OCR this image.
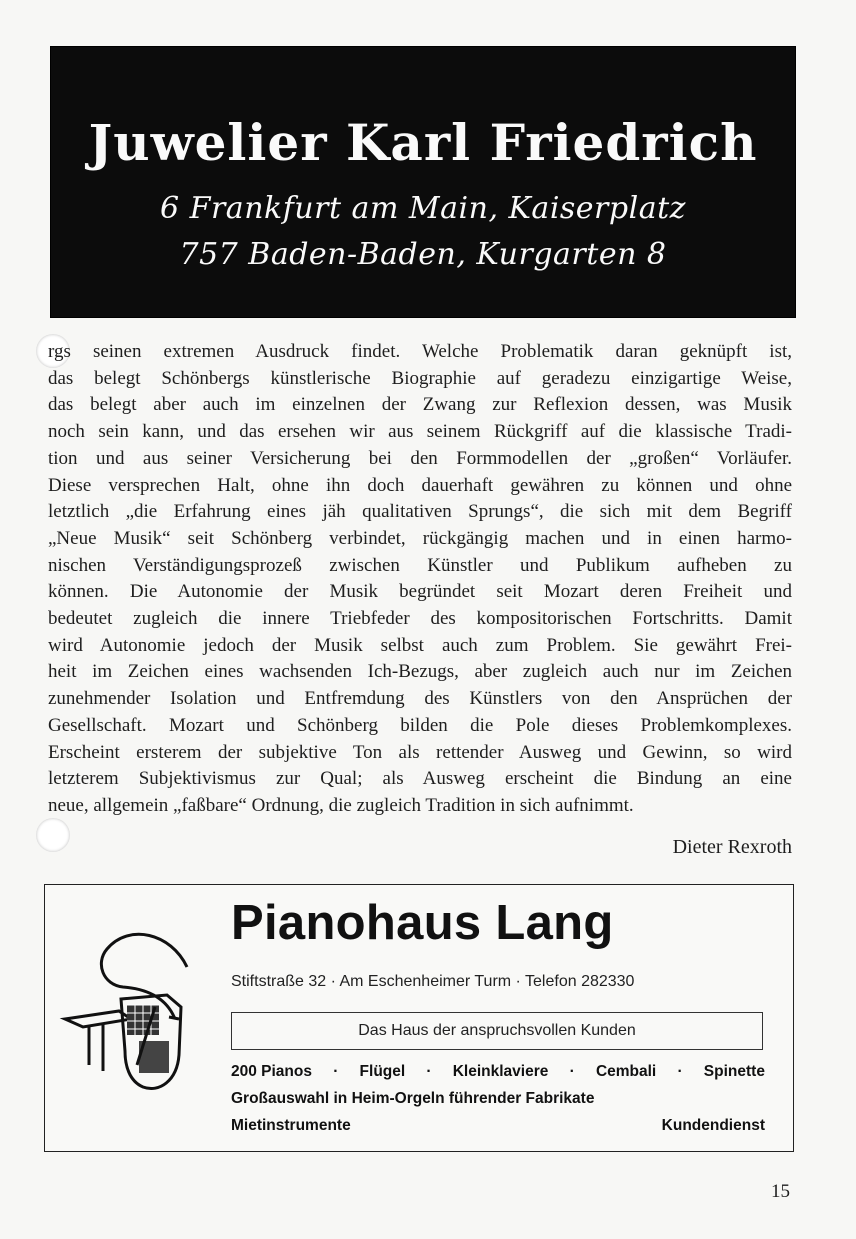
Juwelier Karl Friedrich
6 Frankfurt am Main, Kaiserplatz
757 Baden-Baden, Kurgarten 8
rgs seinen extremen Ausdruck findet. Welche Problematik daran geknüpft ist,
das belegt Schönbergs künstlerische Biographie auf geradezu einzigartige Weise,
das belegt aber auch im einzelnen der Zwang zur Reflexion dessen, was Musik
noch sein kann, und das ersehen wir aus seinem Rückgriff auf die klassische Tradi-
tion und aus seiner Versicherung bei den Formmodellen der „großen“ Vorläufer.
Diese versprechen Halt, ohne ihn doch dauerhaft gewähren zu können und ohne
letztlich „die Erfahrung eines jäh qualitativen Sprungs“, die sich mit dem Begriff
„Neue Musik“ seit Schönberg verbindet, rückgängig machen und in einen harmo-
nischen Verständigungsprozeß zwischen Künstler und Publikum aufheben zu
können. Die Autonomie der Musik begründet seit Mozart deren Freiheit und
bedeutet zugleich die innere Triebfeder des kompositorischen Fortschritts. Damit
wird Autonomie jedoch der Musik selbst auch zum Problem. Sie gewährt Frei-
heit im Zeichen eines wachsenden Ich-Bezugs, aber zugleich auch nur im Zeichen
zunehmender Isolation und Entfremdung des Künstlers von den Ansprüchen der
Gesellschaft. Mozart und Schönberg bilden die Pole dieses Problemkomplexes.
Erscheint ersterem der subjektive Ton als rettender Ausweg und Gewinn, so wird
letzterem Subjektivismus zur Qual; als Ausweg erscheint die Bindung an eine
neue, allgemein „faßbare“ Ordnung, die zugleich Tradition in sich aufnimmt.
Dieter Rexroth
Pianohaus Lang
Stiftstraße 32 · Am Eschenheimer Turm · Telefon 282330
Das Haus der anspruchsvollen Kunden
200 Pianos · Flügel · Kleinklaviere · Cembali · Spinette
Großauswahl in Heim-Orgeln führender Fabrikate
Mietinstrumente	Kundendienst
15
